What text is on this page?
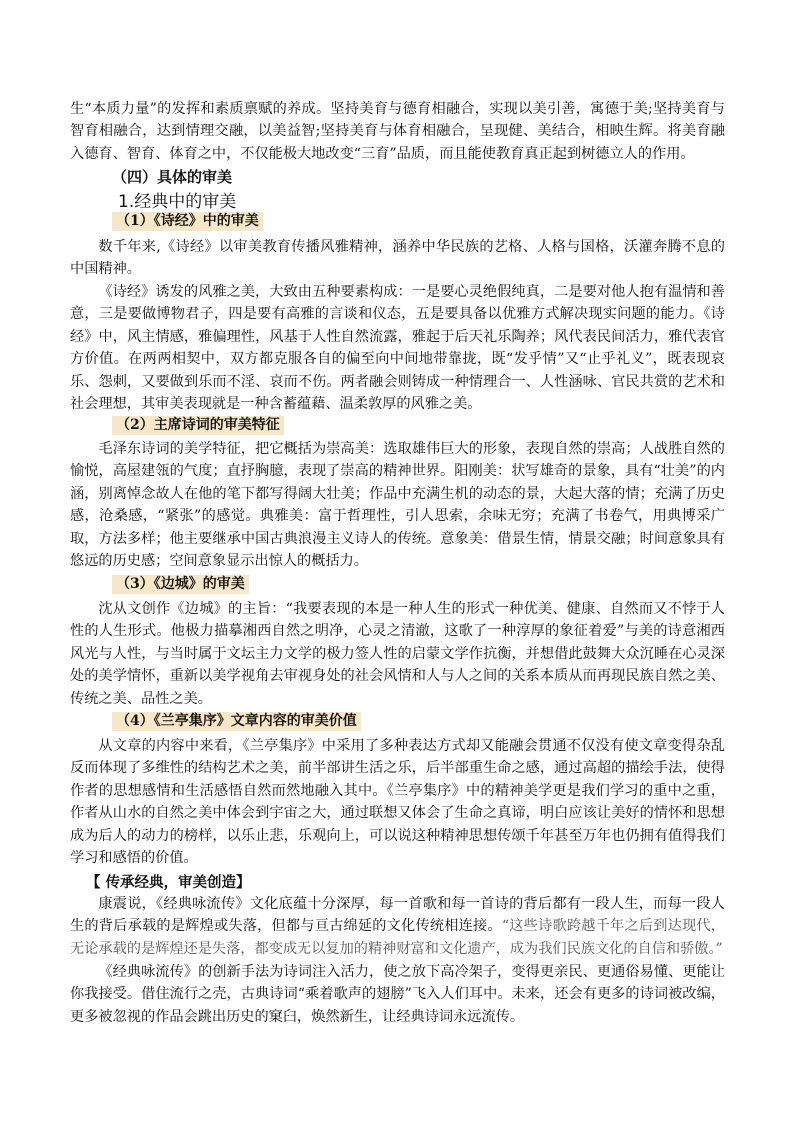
生“本质力量”的发挥和素质禀赋的养成。坚持美育与德育相融合，实现以美引善，寓德于美;坚持美育与智育相融合，达到情理交融，以美益智;坚持美育与体育相融合，呈现健、美结合，相映生辉。将美育融入德育、智育、体育之中，不仅能极大地改变“三育”品质，而且能使教育真正起到树德立人的作用。

（四）具体的审美

1.经典中的审美

（1）《诗经》中的审美

数千年来,《诗经》以审美教育传播风雅精神，涵养中华民族的艺格、人格与国格，沃灌奔腾不息的中国精神。

《诗经》诱发的风雅之美，大致由五种要素构成：一是要心灵绝假纯真，二是要对他人抱有温情和善意，三是要做博物君子，四是要有高雅的言谈和仪态，五是要具备以优雅方式解决现实问题的能力。《诗经》中，风主情感，雅偏理性，风基于人性自然流露，雅起于后天礼乐陶养；风代表民间活力，雅代表官方价值。在两两相契中，双方都克服各自的偏至向中间地带靠拢，既“发乎情”又“止乎礼义”，既表现哀乐、怨刺，又要做到乐而不淫、哀而不伤。两者融会则铸成一种情理合一、人性涵咏、官民共赏的艺术和社会理想，其审美表现就是一种含蓄蕴藉、温柔敦厚的风雅之美。

（2）主席诗词的审美特征

毛泽东诗词的美学特征，把它概括为崇高美：选取雄伟巨大的形象，表现自然的崇高；人战胜自然的愉悦，高屋建瓴的气度；直抒胸臆，表现了崇高的精神世界。阳刚美：状写雄奇的景象，具有“壮美”的内涵，别离悼念故人在他的笔下都写得阔大壮美；作品中充满生机的动态的景，大起大落的情；充满了历史感，沧桑感，“紧张”的感觉。典雅美：富于哲理性，引人思索，余味无穷；充满了书卷气，用典博采广取，方法多样；他主要继承中国古典浪漫主义诗人的传统。意象美：借景生情，情景交融；时间意象具有悠远的历史感；空间意象显示出惊人的概括力。

（3）《边城》的审美

沈从文创作《边城》的主旨：“我要表现的本是一种人生的形式一种优美、健康、自然而又不悖于人性的人生形式。他极力描摹湘西自然之明净，心灵之清澈，这歌了一种淳厚的象征着爱”与美的诗意湘西风光与人性，与当时属于文坛主力文学的极力签人性的启蒙文学作抗衡，并想借此鼓舞大众沉睡在心灵深处的美学情怀，重新以美学视角去审视身处的社会风情和人与人之间的关系本质从而再现民族自然之美、传统之美、品性之美。

（4）《兰亭集序》文章内容的审美价值

从文章的内容中来看，《兰亭集序》中采用了多种表达方式却又能融会贯通不仅没有使文章变得杂乱反而体现了多维性的结构艺术之美，前半部讲生活之乐，后半部重生命之感，通过高超的描绘手法，使得作者的思想感情和生活感悟自然而然地融入其中。《兰亭集序》中的精神美学更是我们学习的重中之重，作者从山水的自然之美中体会到宇宙之大，通过联想又体会了生命之真谛，明白应该让美好的情怀和思想成为后人的动力的榜样，以乐止悲，乐观向上，可以说这种精神思想传颂千年甚至万年也仍拥有值得我们学习和感悟的价值。

【 传承经典，审美创造】

康震说，《经典咏流传》文化底蕴十分深厚，每一首歌和每一首诗的背后都有一段人生，而每一段人生的背后承载的是辉煌或失落，但都与亘古绵延的文化传统相连接。“这些诗歌跨越千年之后到达现代，无论承载的是辉煌还是失落，都变成无以复加的精神财富和文化遗产，成为我们民族文化的自信和骄傲。”

《经典咏流传》的创新手法为诗词注入活力，使之放下高冷架子，变得更亲民、更通俗易懂、更能让你我接受。借住流行之壳，古典诗词“乘着歌声的翅膀”飞入人们耳中。未来，还会有更多的诗词被改编，更多被忽视的作品会跳出历史的窠臼，焕然新生，让经典诗词永远流传。
